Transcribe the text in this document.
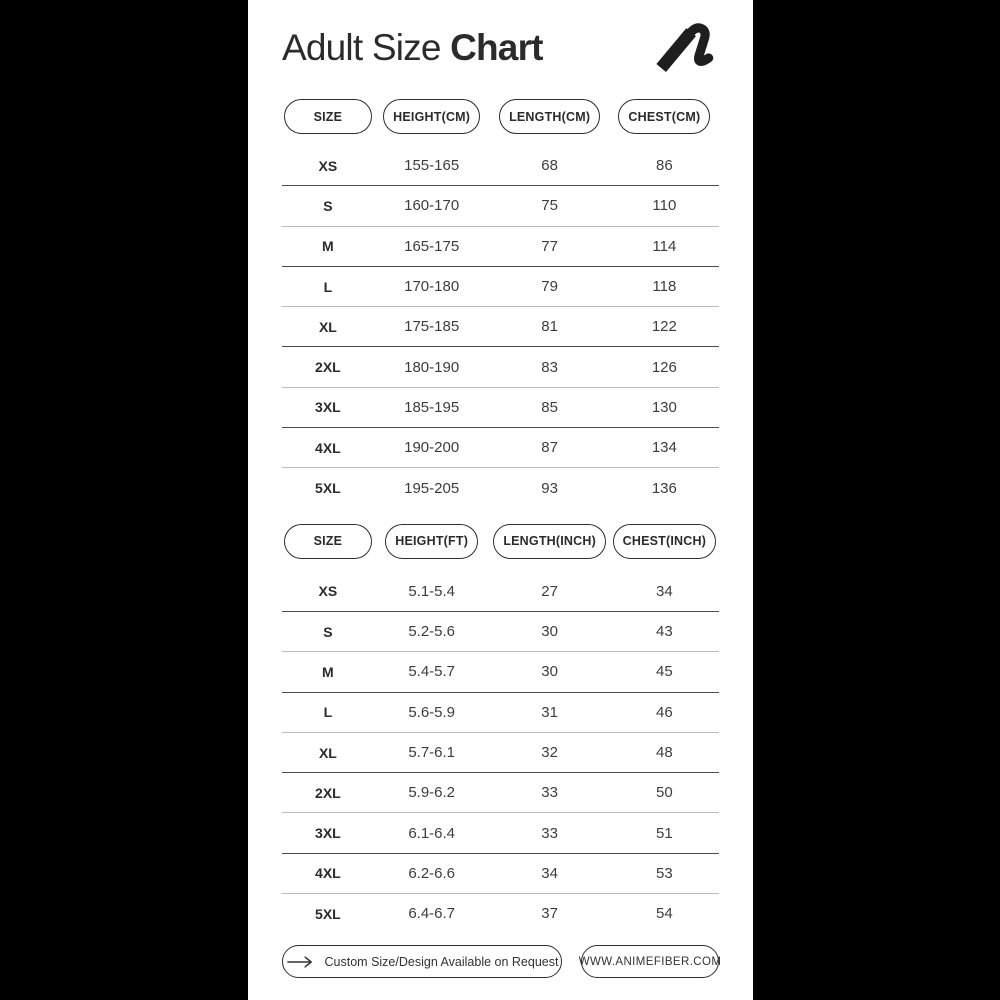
Adult Size Chart
SIZE	HEIGHT(CM)	LENGTH(CM)	CHEST(CM)
XS	155-165	68	86
S	160-170	75	110
M	165-175	77	114
L	170-180	79	118
XL	175-185	81	122
2XL	180-190	83	126
3XL	185-195	85	130
4XL	190-200	87	134
5XL	195-205	93	136
SIZE	HEIGHT(FT)	LENGTH(INCH)	CHEST(INCH)
XS	5.1-5.4	27	34
S	5.2-5.6	30	43
M	5.4-5.7	30	45
L	5.6-5.9	31	46
XL	5.7-6.1	32	48
2XL	5.9-6.2	33	50
3XL	6.1-6.4	33	51
4XL	6.2-6.6	34	53
5XL	6.4-6.7	37	54
Custom Size/Design Available on Request WWW.ANIMEFIBER.COM
